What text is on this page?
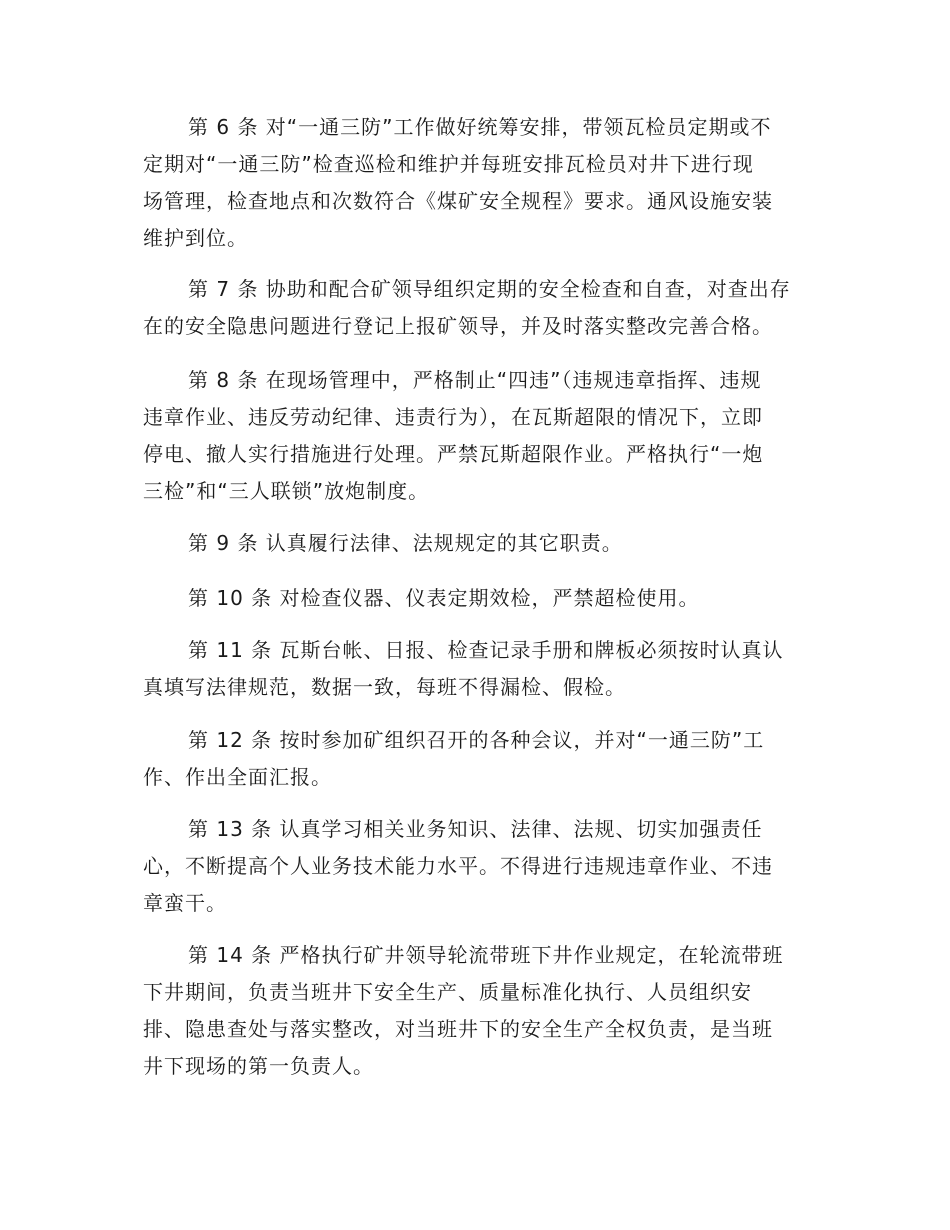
第 6 条 对“一通三防”工作做好统筹安排，带领瓦检员定期或不
定期对“一通三防”检查巡检和维护并每班安排瓦检员对井下进行现
场管理，检查地点和次数符合《煤矿安全规程》要求。通风设施安装
维护到位。

第 7 条 协助和配合矿领导组织定期的安全检查和自查，对查出存
在的安全隐患问题进行登记上报矿领导，并及时落实整改完善合格。

第 8 条 在现场管理中，严格制止“四违”（违规违章指挥、违规
违章作业、违反劳动纪律、违责行为），在瓦斯超限的情况下，立即
停电、撤人实行措施进行处理。严禁瓦斯超限作业。严格执行“一炮
三检”和“三人联锁”放炮制度。

第 9 条 认真履行法律、法规规定的其它职责。

第 10 条 对检查仪器、仪表定期效检，严禁超检使用。

第 11 条 瓦斯台帐、日报、检查记录手册和牌板必须按时认真认
真填写法律规范，数据一致，每班不得漏检、假检。

第 12 条 按时参加矿组织召开的各种会议，并对“一通三防”工
作、作出全面汇报。

第 13 条 认真学习相关业务知识、法律、法规、切实加强责任
心，不断提高个人业务技术能力水平。不得进行违规违章作业、不违
章蛮干。

第 14 条 严格执行矿井领导轮流带班下井作业规定，在轮流带班
下井期间，负责当班井下安全生产、质量标准化执行、人员组织安
排、隐患查处与落实整改，对当班井下的安全生产全权负责，是当班
井下现场的第一负责人。
